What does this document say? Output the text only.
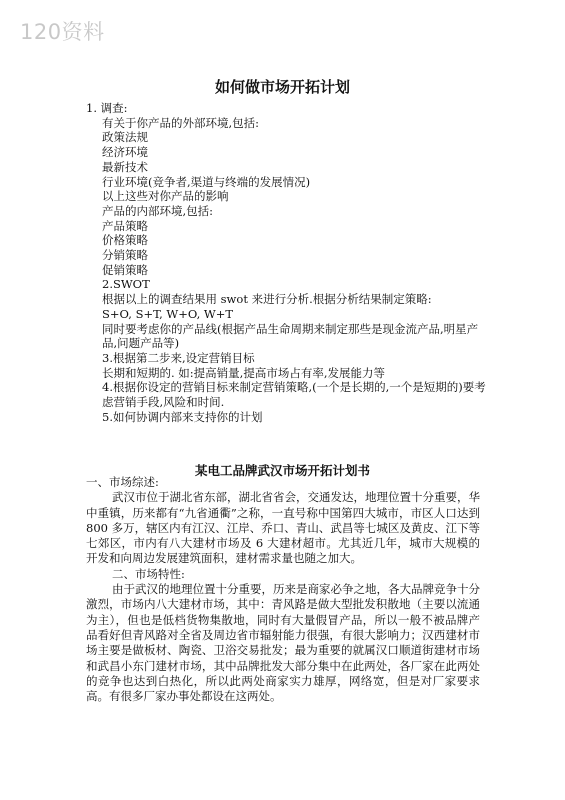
120资料
如何做市场开拓计划
1. 调查:
有关于你产品的外部环境,包括:
政策法规
经济环境
最新技术
行业环境(竞争者,渠道与终端的发展情况)
以上这些对你产品的影响
产品的内部环境,包括:
产品策略
价格策略
分销策略
促销策略
2.SWOT
根据以上的调查结果用 swot 来进行分析.根据分析结果制定策略:
S+O, S+T, W+O, W+T
同时要考虑你的产品线(根据产品生命周期来制定那些是现金流产品,明星产品,问题产品等)
3.根据第二步来,设定营销目标
长期和短期的. 如:提高销量,提高市场占有率,发展能力等
4.根据你设定的营销目标来制定营销策略,(一个是长期的,一个是短期的)要考虑营销手段,风险和时间.
5.如何协调内部来支持你的计划
某电工品牌武汉市场开拓计划书
一、市场综述:
武汉市位于湖北省东部，湖北省省会，交通发达，地理位置十分重要，华中重镇，历来都有“九省通衢”之称，一直号称中国第四大城市，市区人口达到 800 多万，辖区内有江汉、江岸、乔口、青山、武昌等七城区及黄皮、江下等七郊区，市内有八大建材市场及 6 大建材超市。尤其近几年，城市大规模的开发和向周边发展建筑面积，建材需求量也随之加大。
二、市场特性:
由于武汉的地理位置十分重要，历来是商家必争之地，各大品牌竞争十分激烈，市场内八大建材市场，其中：青风路是做大型批发积散地（主要以流通为主），但也是低档货物集散地，同时有大量假冒产品，所以一般不被品牌产品看好但青风路对全省及周边省市辐射能力很强，有很大影响力；汉西建材市场主要是做板材、陶瓷、卫浴交易批发；最为重要的就属汉口顺道街建材市场和武昌小东门建材市场，其中品牌批发大部分集中在此两处，各厂家在此两处的竞争也达到白热化，所以此两处商家实力雄厚，网络宽，但是对厂家要求高。有很多厂家办事处都设在这两处。
